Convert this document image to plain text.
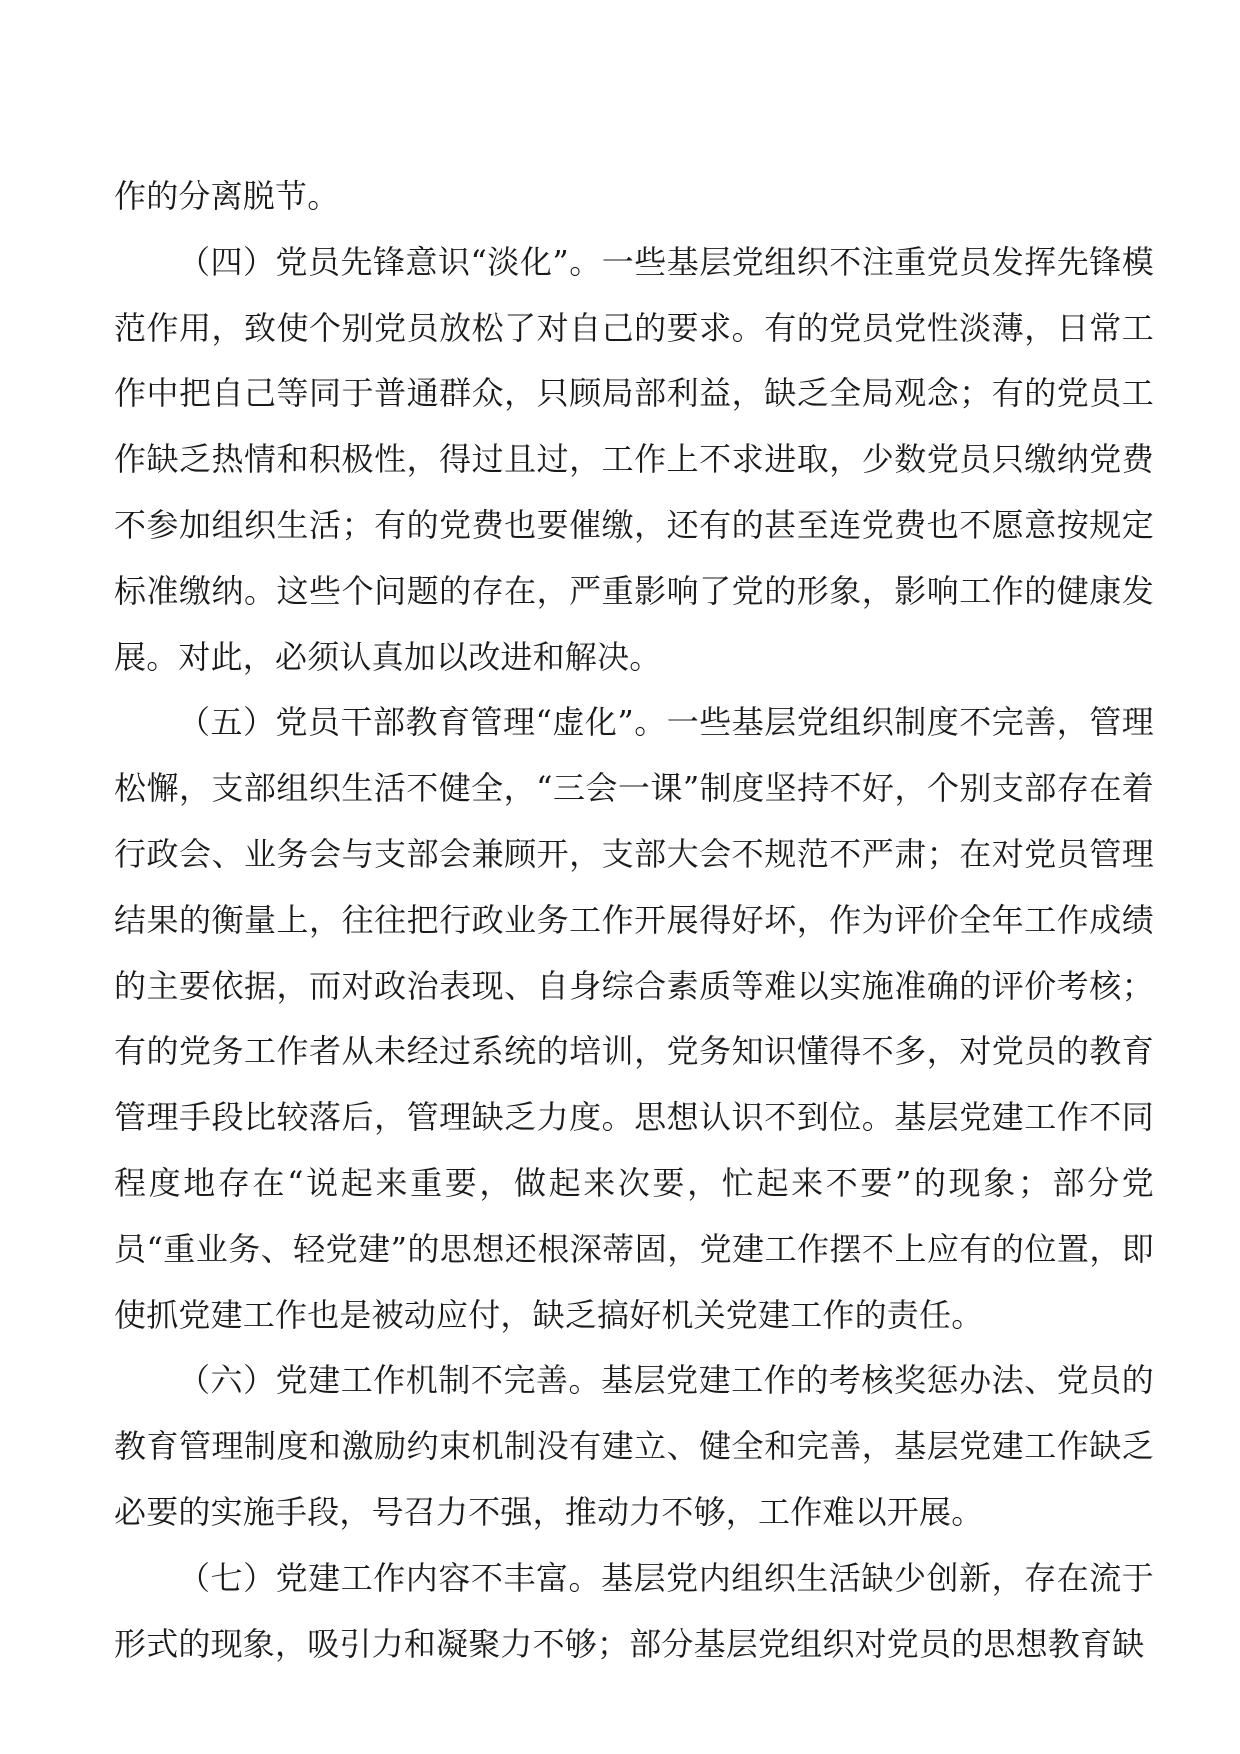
作的分离脱节。

（四）党员先锋意识“淡化”。一些基层党组织不注重党员发挥先锋模范作用，致使个别党员放松了对自己的要求。有的党员党性淡薄，日常工作中把自己等同于普通群众，只顾局部利益，缺乏全局观念；有的党员工作缺乏热情和积极性，得过且过，工作上不求进取，少数党员只缴纳党费不参加组织生活；有的党费也要催缴，还有的甚至连党费也不愿意按规定标准缴纳。这些个问题的存在，严重影响了党的形象，影响工作的健康发展。对此，必须认真加以改进和解决。

（五）党员干部教育管理“虚化”。一些基层党组织制度不完善，管理松懈，支部组织生活不健全，“三会一课”制度坚持不好，个别支部存在着行政会、业务会与支部会兼顾开，支部大会不规范不严肃；在对党员管理结果的衡量上，往往把行政业务工作开展得好坏，作为评价全年工作成绩的主要依据，而对政治表现、自身综合素质等难以实施准确的评价考核；有的党务工作者从未经过系统的培训，党务知识懂得不多，对党员的教育管理手段比较落后，管理缺乏力度。思想认识不到位。基层党建工作不同程度地存在“说起来重要，做起来次要，忙起来不要”的现象；部分党员“重业务、轻党建”的思想还根深蒂固，党建工作摆不上应有的位置，即使抓党建工作也是被动应付，缺乏搞好机关党建工作的责任。

（六）党建工作机制不完善。基层党建工作的考核奖惩办法、党员的教育管理制度和激励约束机制没有建立、健全和完善，基层党建工作缺乏必要的实施手段，号召力不强，推动力不够，工作难以开展。

（七）党建工作内容不丰富。基层党内组织生活缺少创新，存在流于形式的现象，吸引力和凝聚力不够；部分基层党组织对党员的思想教育缺
